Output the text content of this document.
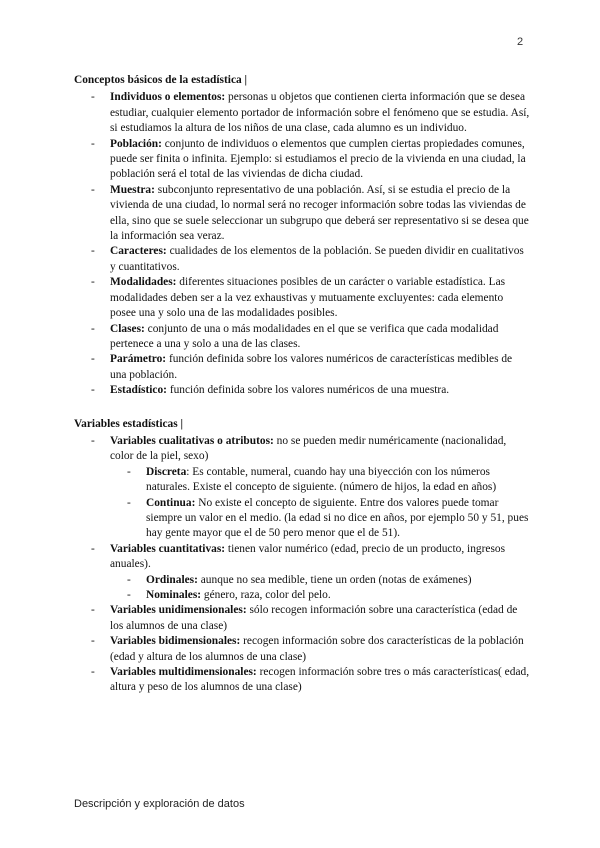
2
Conceptos básicos de la estadística |
- Individuos o elementos: personas u objetos que contienen cierta información que se desea estudiar, cualquier elemento portador de información sobre el fenómeno que se estudia. Así, si estudiamos la altura de los niños de una clase, cada alumno es un individuo.
- Población: conjunto de individuos o elementos que cumplen ciertas propiedades comunes, puede ser finita o infinita. Ejemplo: si estudiamos el precio de la vivienda en una ciudad, la población será el total de las viviendas de dicha ciudad.
- Muestra: subconjunto representativo de una población. Así, si se estudia el precio de la vivienda de una ciudad, lo normal será no recoger información sobre todas las viviendas de ella, sino que se suele seleccionar un subgrupo que deberá ser representativo si se desea que la información sea veraz.
- Caracteres: cualidades de los elementos de la población. Se pueden dividir en cualitativos y cuantitativos.
- Modalidades: diferentes situaciones posibles de un carácter o variable estadística. Las modalidades deben ser a la vez exhaustivas y mutuamente excluyentes: cada elemento posee una y solo una de las modalidades posibles.
- Clases: conjunto de una o más modalidades en el que se verifica que cada modalidad pertenece a una y solo a una de las clases.
- Parámetro: función definida sobre los valores numéricos de características medibles de una población.
- Estadístico: función definida sobre los valores numéricos de una muestra.
Variables estadísticas |
- Variables cualitativas o atributos: no se pueden medir numéricamente (nacionalidad, color de la piel, sexo)
- Discreta: Es contable, numeral, cuando hay una biyección con los números naturales. Existe el concepto de siguiente. (número de hijos, la edad en años)
- Continua: No existe el concepto de siguiente. Entre dos valores puede tomar siempre un valor en el medio. (la edad si no dice en años, por ejemplo 50 y 51, pues hay gente mayor que el de 50 pero menor que el de 51).
- Variables cuantitativas: tienen valor numérico (edad, precio de un producto, ingresos anuales).
- Ordinales: aunque no sea medible, tiene un orden (notas de exámenes)
- Nominales: género, raza, color del pelo.
- Variables unidimensionales: sólo recogen información sobre una característica (edad de los alumnos de una clase)
- Variables bidimensionales: recogen información sobre dos características de la población (edad y altura de los alumnos de una clase)
- Variables multidimensionales: recogen información sobre tres o más características( edad, altura y peso de los alumnos de una clase)
Descripción y exploración de datos
